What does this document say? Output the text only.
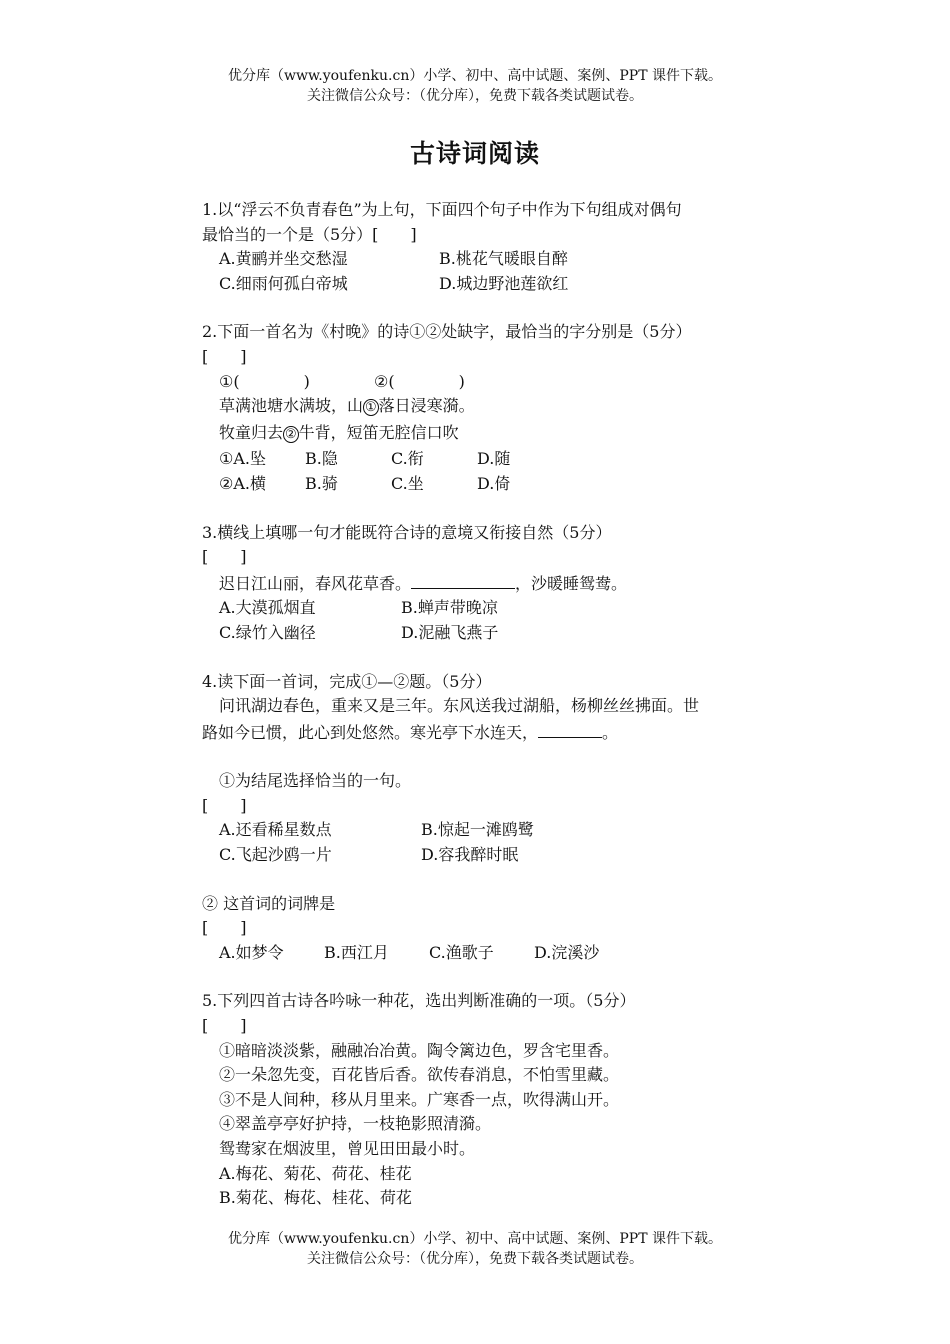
优分库（www.youfenku.cn）小学、初中、高中试题、案例、PPT 课件下载。
关注微信公众号：（优分库），免费下载各类试题试卷。
古诗词阅读
1.以“浮云不负青春色”为上句，下面四个句子中作为下句组成对偶句
最恰当的一个是（5分）[　　]
A.黄鹂并坐交愁湿	B.桃花气暖眼自醉
C.细雨何孤白帝城	D.城边野池莲欲红
2.下面一首名为《村晚》的诗①②处缺字，最恰当的字分别是（5分）
[　　]
①(　　　　)	②(　　　　)
草满池塘水满坡，山 ① 落日浸寒漪。
牧童归去 ② 牛背，短笛无腔信口吹
①A.坠 B.隐	C.衔	D.随
②A.横 B.骑	C.坐	D.倚
3.横线上填哪一句才能既符合诗的意境又衔接自然（5分）
[　　]
迟日江山丽，春风花草香。	，沙暖睡鸳鸯。
A.大漠孤烟直	B.蝉声带晚凉
C.绿竹入幽径	D.泥融飞燕子
4.读下面一首词，完成①—②题。（5分）
问讯湖边春色，重来又是三年。东风送我过湖船，杨柳丝丝拂面。世
路如今已惯，此心到处悠然。寒光亭下水连天，	。
①为结尾选择恰当的一句。
[　　]
A.还看稀星数点	B.惊起一滩鸥鹭
C.飞起沙鸥一片	D.容我醉时眠
② 这首词的词牌是
[　　]
A.如梦令	B.西江月	C.渔歌子	D.浣溪沙
5.下列四首古诗各吟咏一种花，选出判断准确的一项。（5分）
[　　]
①暗暗淡淡紫，融融冶冶黄。陶令篱边色，罗含宅里香。
②一朵忽先变，百花皆后香。欲传春消息，不怕雪里藏。
③不是人间种，移从月里来。广寒香一点，吹得满山开。
④翠盖亭亭好护持，一枝艳影照清漪。
鸳鸯家在烟波里，曾见田田最小时。
A.梅花、菊花、荷花、桂花
B.菊花、梅花、桂花、荷花
优分库（www.youfenku.cn）小学、初中、高中试题、案例、PPT 课件下载。
关注微信公众号：（优分库），免费下载各类试题试卷。
